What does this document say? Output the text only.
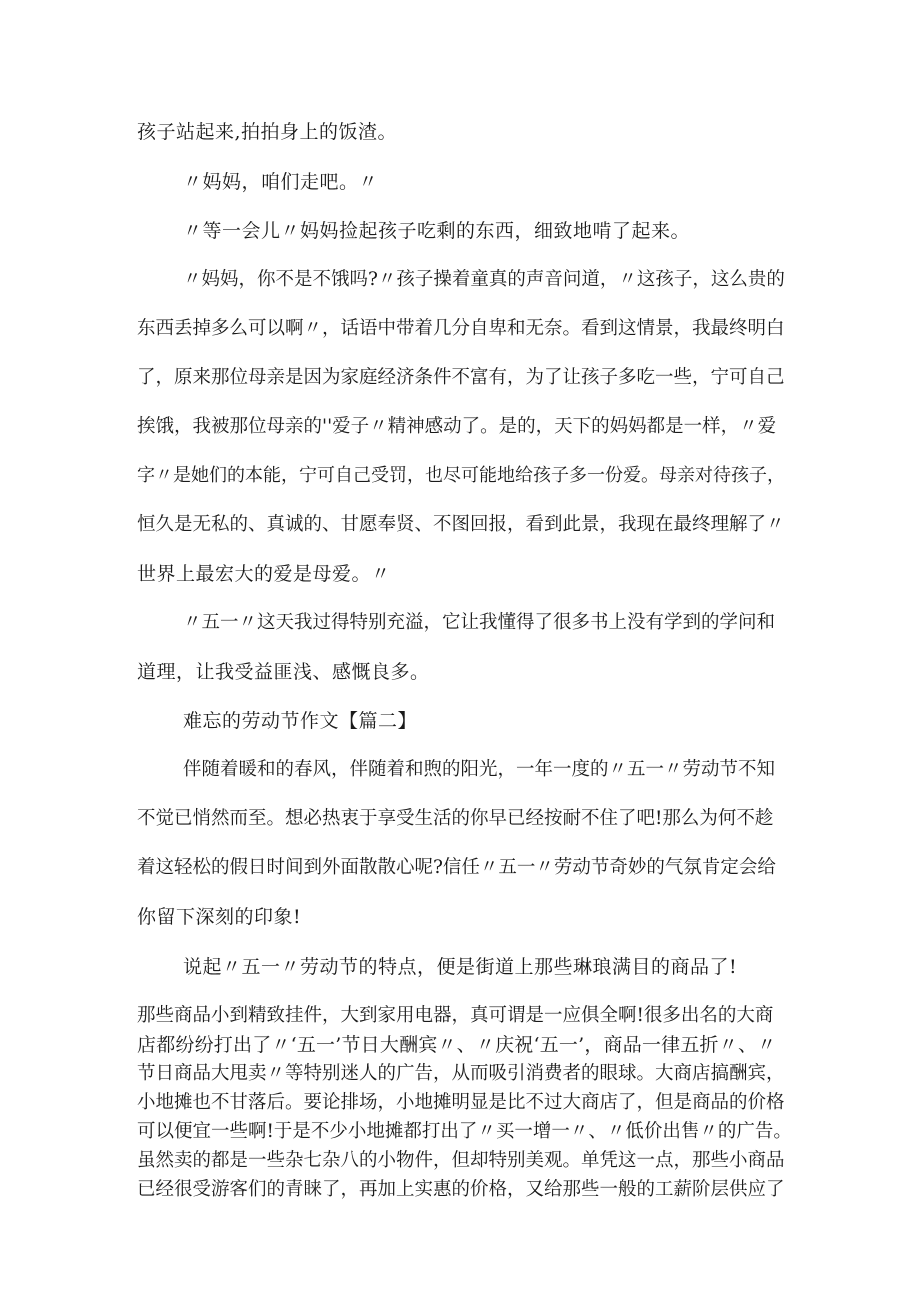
孩子站起来,拍拍身上的饭渣。
〃妈妈，咱们走吧。〃
〃等一会儿〃妈妈捡起孩子吃剩的东西，细致地啃了起来。
〃妈妈，你不是不饿吗?〃孩子操着童真的声音问道，〃这孩子，这么贵的
东西丢掉多么可以啊〃，话语中带着几分自卑和无奈。看到这情景，我最终明白
了，原来那位母亲是因为家庭经济条件不富有，为了让孩子多吃一些，宁可自己
挨饿，我被那位母亲的''爱子〃精神感动了。是的，天下的妈妈都是一样，〃爱
字〃是她们的本能，宁可自己受罚，也尽可能地给孩子多一份爱。母亲对待孩子，
恒久是无私的、真诚的、甘愿奉贤、不图回报，看到此景，我现在最终理解了〃
世界上最宏大的爱是母爱。〃
〃五一〃这天我过得特别充溢，它让我懂得了很多书上没有学到的学问和
道理，让我受益匪浅、感慨良多。
难忘的劳动节作文【篇二】
伴随着暖和的春风，伴随着和煦的阳光，一年一度的〃五一〃劳动节不知
不觉已悄然而至。想必热衷于享受生活的你早已经按耐不住了吧!那么为何不趁
着这轻松的假日时间到外面散散心呢?信任〃五一〃劳动节奇妙的气氛肯定会给
你留下深刻的印象!
说起〃五一〃劳动节的特点，便是街道上那些琳琅满目的商品了!
那些商品小到精致挂件，大到家用电器，真可谓是一应俱全啊!很多出名的大商
店都纷纷打出了〃‘五一’节日大酬宾〃、〃庆祝‘五一’，商品一律五折〃、〃
节日商品大甩卖〃等特别迷人的广告，从而吸引消费者的眼球。大商店搞酬宾，
小地摊也不甘落后。要论排场，小地摊明显是比不过大商店了，但是商品的价格
可以便宜一些啊!于是不少小地摊都打出了〃买一增一〃、〃低价出售〃的广告。
虽然卖的都是一些杂七杂八的小物件，但却特别美观。单凭这一点，那些小商品
已经很受游客们的青睐了，再加上实惠的价格，又给那些一般的工薪阶层供应了
